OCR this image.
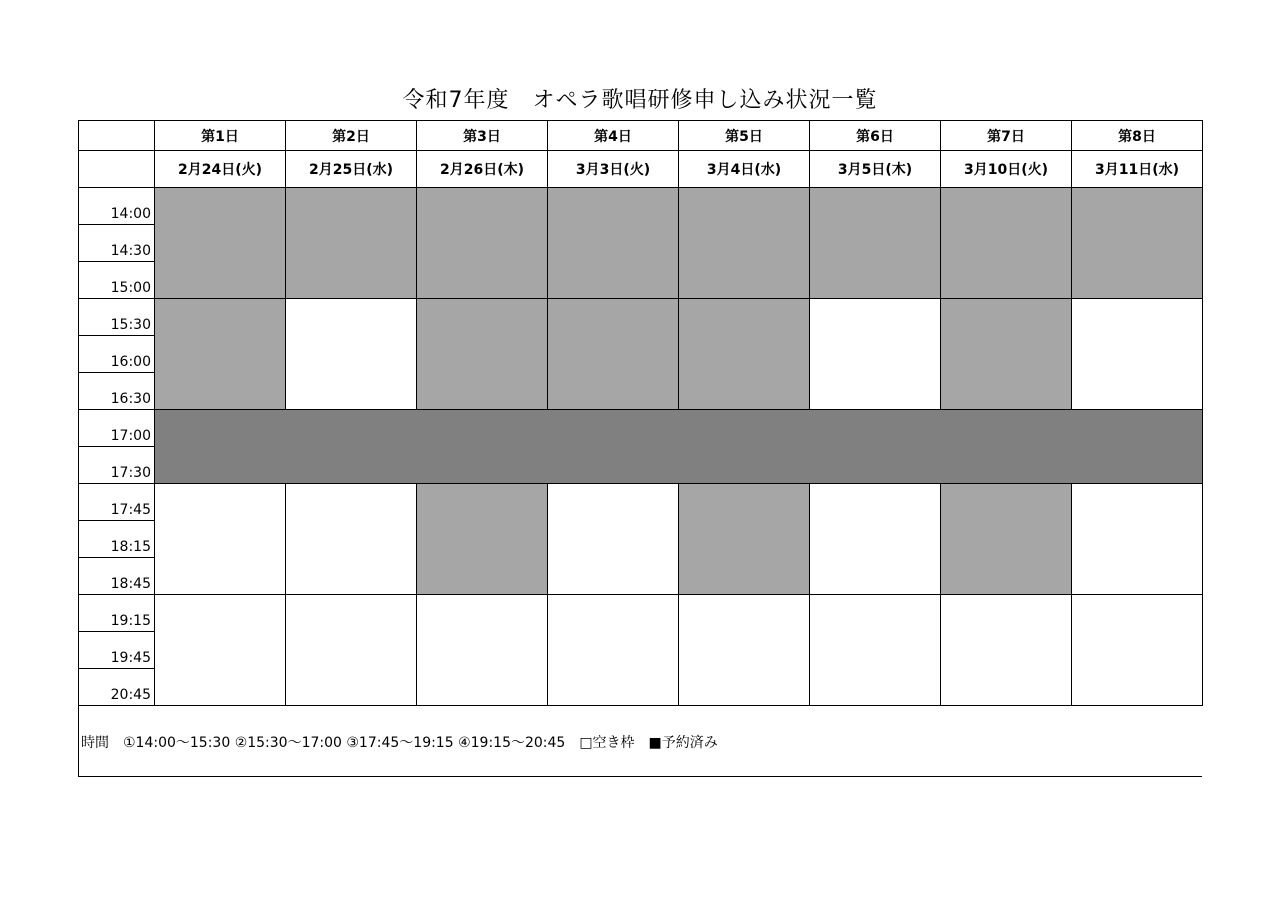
令和7年度　オペラ歌唱研修申し込み状況一覧
第1日
2月24日(火)
第2日
2月25日(水)
第3日
2月26日(木)
第4日
3月3日(火)
第5日
3月4日(水)
第6日
3月5日(木)
第7日
3月10日(火)
第8日
3月11日(水)
14:00
14:30
15:00
15:30
16:00
16:30
17:00
17:30
17:45
18:15
18:45
19:15
19:45
20:45
時間　①14:00～15:30 ②15:30～17:00 ③17:45～19:15 ④19:15～20:45　□空き枠　■予約済み
